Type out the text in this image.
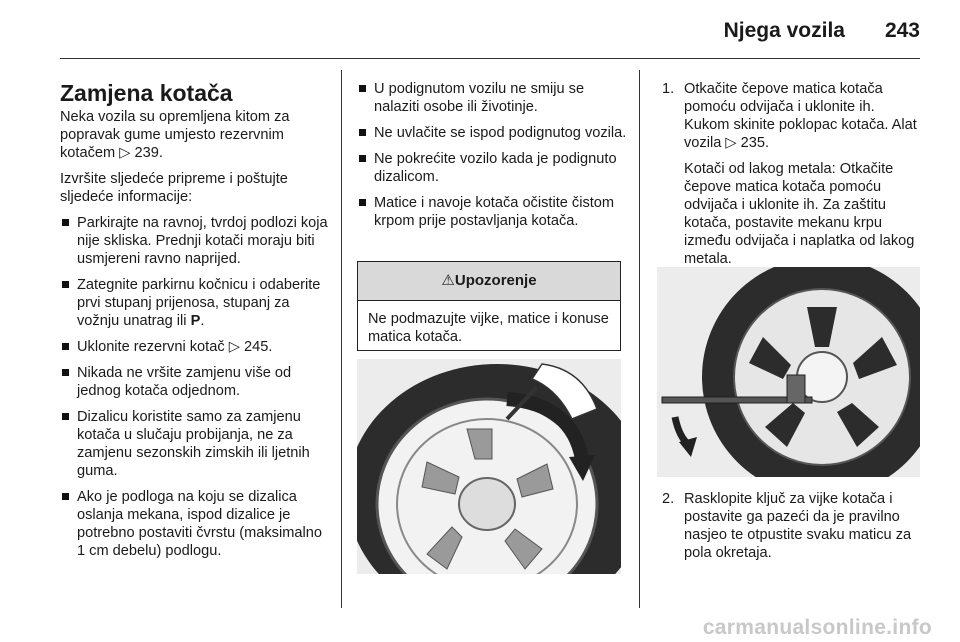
Njega vozila 243
Zamjena kotača

Neka vozila su opremljena kitom za popravak gume umjesto rezervnim kotačem ▷ 239.

Izvršite sljedeće pripreme i poštujte sljedeće informacije:

Parkirajte na ravnoj, tvrdoj podlozi koja nije skliska. Prednji kotači moraju biti usmjereni ravno naprijed.
Zategnite parkirnu kočnicu i odaberite prvi stupanj prijenosa, stupanj za vožnju unatrag ili P.
Uklonite rezervni kotač ▷ 245.
Nikada ne vršite zamjenu više od jednog kotača odjednom.
Dizalicu koristite samo za zamjenu kotača u slučaju probijanja, ne za zamjenu sezonskih zimskih ili ljetnih guma.
Ako je podloga na koju se dizalica oslanja mekana, ispod dizalice je potrebno postaviti čvrstu (maksimalno 1 cm debelu) podlogu.
U podignutom vozilu ne smiju se nalaziti osobe ili životinje.
Ne uvlačite se ispod podignutog vozila.
Ne pokrećite vozilo kada je podignuto dizalicom.
Matice i navoje kotača očistite čistom krpom prije postavljanja kotača.
⚠Upozorenje
Ne podmazujte vijke, matice i konuse matica kotača.
1. Otkačite čepove matica kotača pomoću odvijača i uklonite ih. Kukom skinite poklopac kotača. Alat vozila ▷ 235.
Kotači od lakog metala: Otkačite čepove matica kotača pomoću odvijača i uklonite ih. Za zaštitu kotača, postavite mekanu krpu između odvijača i naplatka od lakog metala.
2. Rasklopite ključ za vijke kotača i postavite ga pazeći da je pravilno nasjeo te otpustite svaku maticu za pola okretaja.
carmanualsonline.info
